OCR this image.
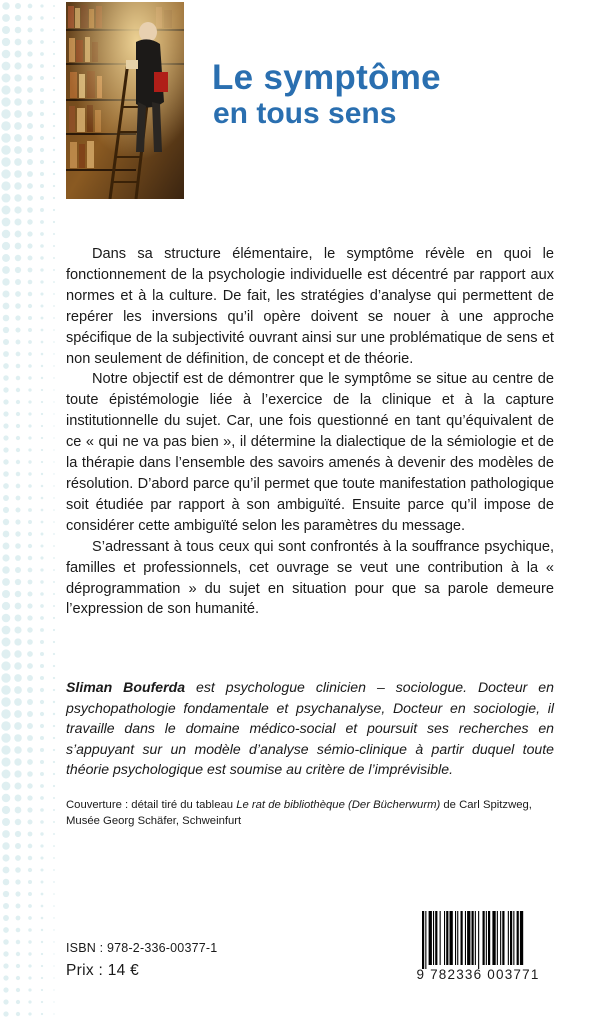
Le symptôme
en tous sens

Dans sa structure élémentaire, le symptôme révèle en quoi le fonctionnement de la psychologie individuelle est décentré par rapport aux normes et à la culture. De fait, les stratégies d’analyse qui permettent de repérer les inversions qu’il opère doivent se nouer à une approche spécifique de la subjectivité ouvrant ainsi sur une problématique de sens et non seulement de définition, de concept et de théorie.

Notre objectif est de démontrer que le symptôme se situe au centre de toute épistémologie liée à l’exercice de la clinique et à la capture institutionnelle du sujet. Car, une fois questionné en tant qu’équivalent de ce « qui ne va pas bien », il détermine la dialectique de la sémiologie et de la thérapie dans l’ensemble des savoirs amenés à devenir des modèles de résolution. D’abord parce qu’il permet que toute manifestation pathologique soit étudiée par rapport à son ambiguïté. Ensuite parce qu’il impose de considérer cette ambiguïté selon les paramètres du message.

S’adressant à tous ceux qui sont confrontés à la souffrance psychique, familles et professionnels, cet ouvrage se veut une contribution à la « déprogrammation » du sujet en situation pour que sa parole demeure l’expression de son humanité.

Sliman Bouferda est psychologue clinicien – sociologue. Docteur en psychopathologie fondamentale et psychanalyse, Docteur en sociologie, il travaille dans le domaine médico-social et poursuit ses recherches en s’appuyant sur un modèle d’analyse sémio-clinique à partir duquel toute théorie psychologique est soumise au critère de l’imprévisible.
Couverture : détail tiré du tableau Le rat de bibliothèque (Der Bücherwurm) de Carl Spitzweg,
Musée Georg Schäfer, Schweinfurt
ISBN : 978-2-336-00377-1
Prix : 14 €	9 782336 003771
